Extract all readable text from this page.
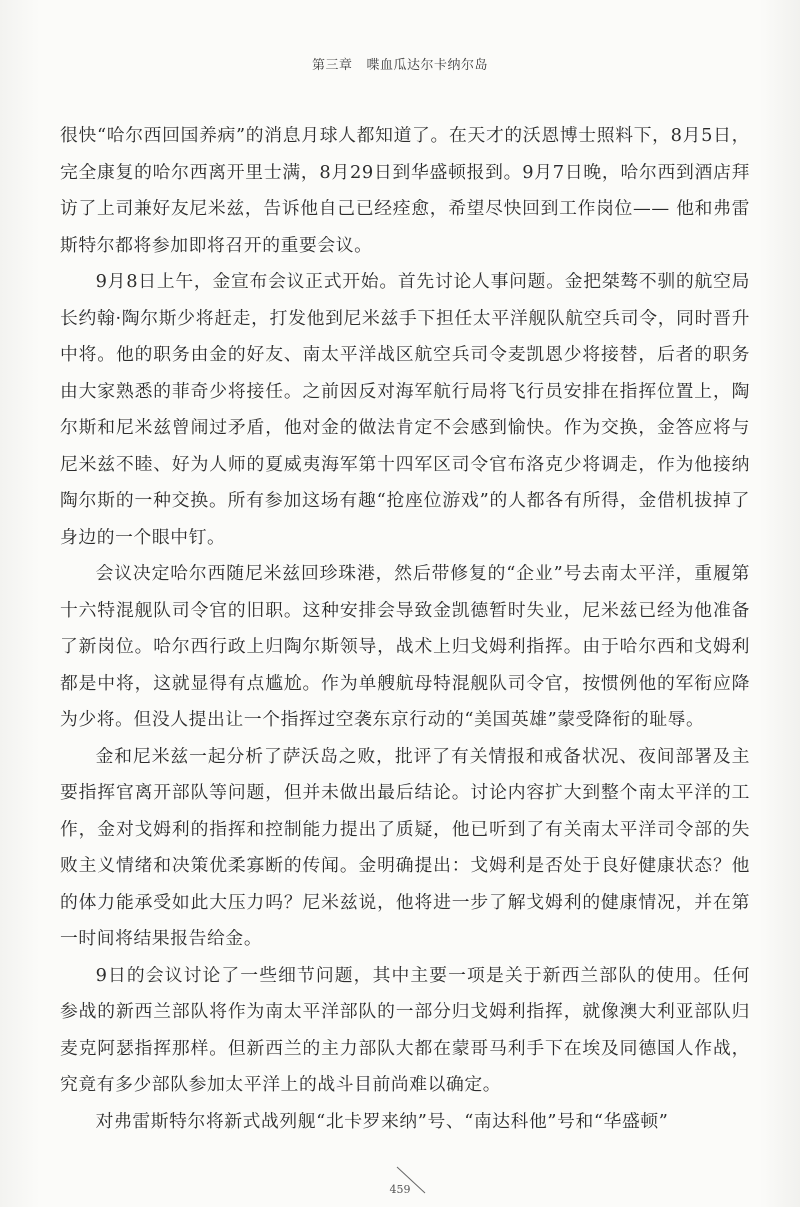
第三章 喋血瓜达尔卡纳尔岛

很快“哈尔西回国养病”的消息月球人都知道了。在天才的沃恩博士照料下，8月5日，完全康复的哈尔西离开里士满，8月29日到华盛顿报到。9月7日晚，哈尔西到酒店拜访了上司兼好友尼米兹，告诉他自己已经痊愈，希望尽快回到工作岗位—— 他和弗雷斯特尔都将参加即将召开的重要会议。

9月8日上午，金宣布会议正式开始。首先讨论人事问题。金把桀骜不驯的航空局长约翰·陶尔斯少将赶走，打发他到尼米兹手下担任太平洋舰队航空兵司令，同时晋升中将。他的职务由金的好友、南太平洋战区航空兵司令麦凯恩少将接替，后者的职务由大家熟悉的菲奇少将接任。之前因反对海军航行局将飞行员安排在指挥位置上，陶尔斯和尼米兹曾闹过矛盾，他对金的做法肯定不会感到愉快。作为交换，金答应将与尼米兹不睦、好为人师的夏威夷海军第十四军区司令官布洛克少将调走，作为他接纳陶尔斯的一种交换。所有参加这场有趣“抢座位游戏”的人都各有所得，金借机拔掉了身边的一个眼中钉。

会议决定哈尔西随尼米兹回珍珠港，然后带修复的“企业”号去南太平洋，重履第十六特混舰队司令官的旧职。这种安排会导致金凯德暂时失业，尼米兹已经为他准备了新岗位。哈尔西行政上归陶尔斯领导，战术上归戈姆利指挥。由于哈尔西和戈姆利都是中将，这就显得有点尴尬。作为单艘航母特混舰队司令官，按惯例他的军衔应降为少将。但没人提出让一个指挥过空袭东京行动的“美国英雄”蒙受降衔的耻辱。

金和尼米兹一起分析了萨沃岛之败，批评了有关情报和戒备状况、夜间部署及主要指挥官离开部队等问题，但并未做出最后结论。讨论内容扩大到整个南太平洋的工作，金对戈姆利的指挥和控制能力提出了质疑，他已听到了有关南太平洋司令部的失败主义情绪和决策优柔寡断的传闻。金明确提出：戈姆利是否处于良好健康状态？他的体力能承受如此大压力吗？尼米兹说，他将进一步了解戈姆利的健康情况，并在第一时间将结果报告给金。

9日的会议讨论了一些细节问题，其中主要一项是关于新西兰部队的使用。任何参战的新西兰部队将作为南太平洋部队的一部分归戈姆利指挥，就像澳大利亚部队归麦克阿瑟指挥那样。但新西兰的主力部队大都在蒙哥马利手下在埃及同德国人作战，究竟有多少部队参加太平洋上的战斗目前尚难以确定。

对弗雷斯特尔将新式战列舰“北卡罗来纳”号、“南达科他”号和“华盛顿”

459
